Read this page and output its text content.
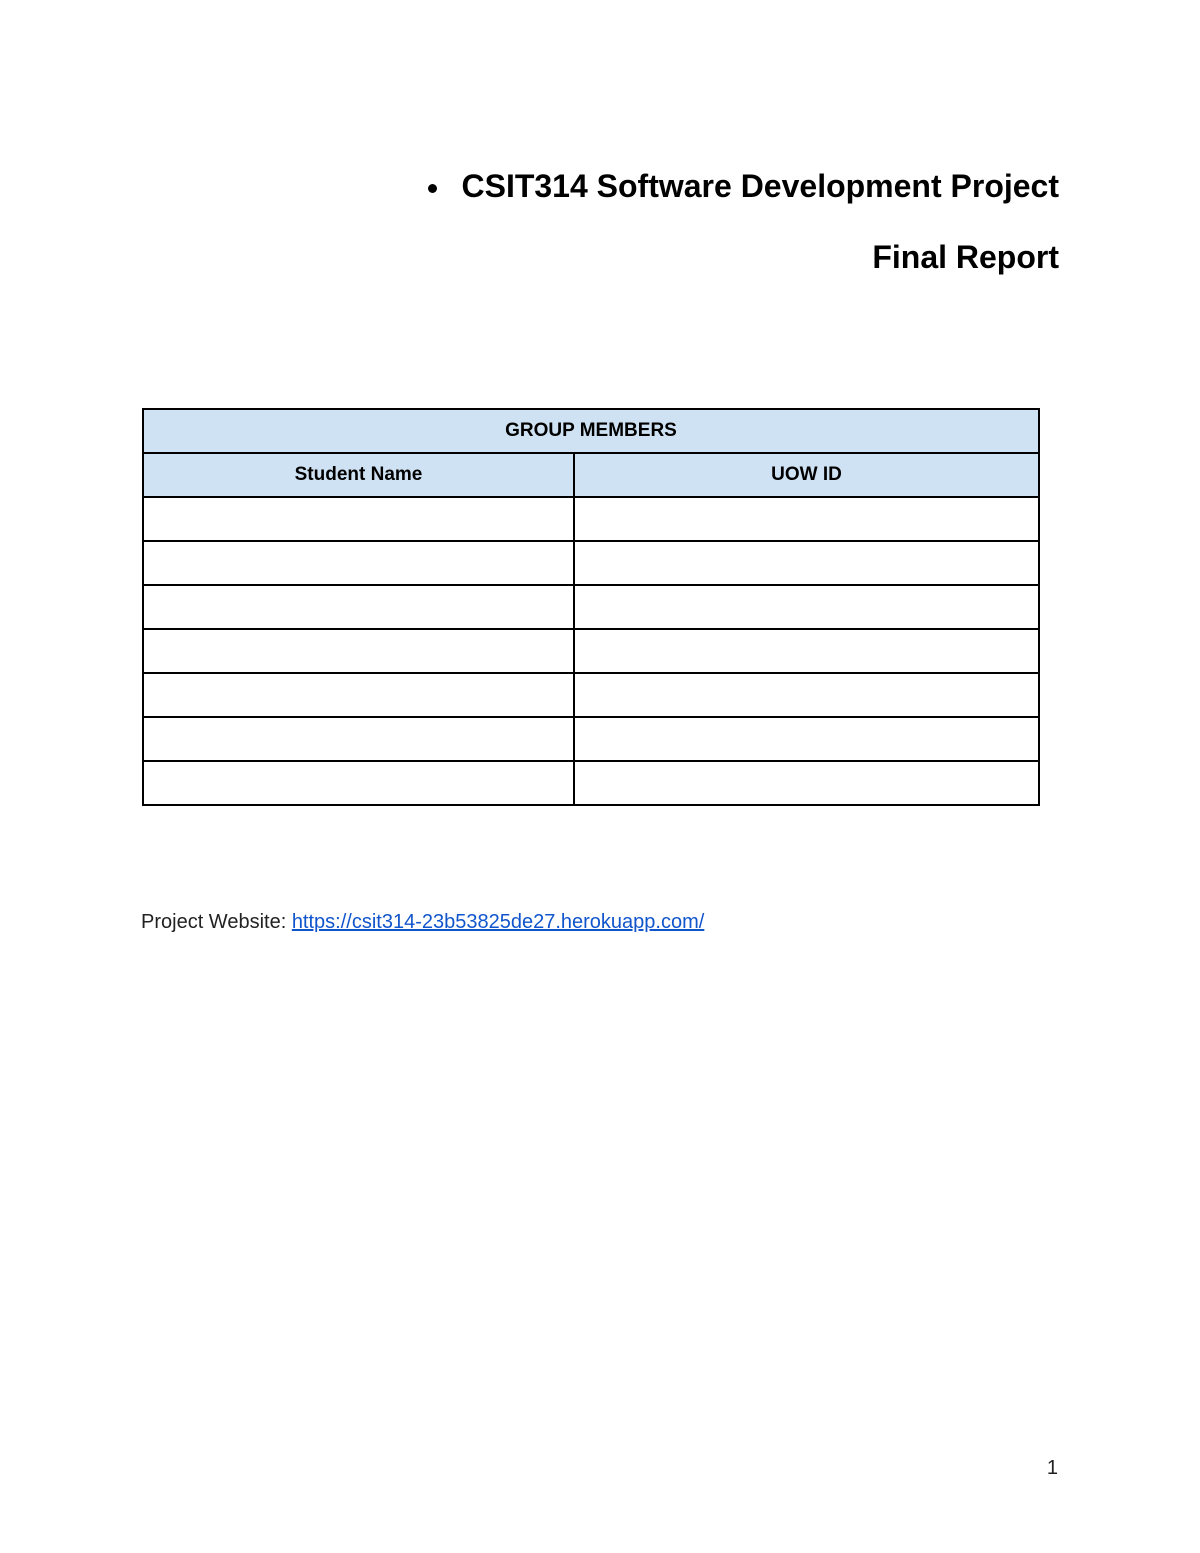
CSIT314 Software Development Project
Final Report
GROUP MEMBERS	
Student Name	UOW ID

Project Website: https://csit314-23b53825de27.herokuapp.com/
1
